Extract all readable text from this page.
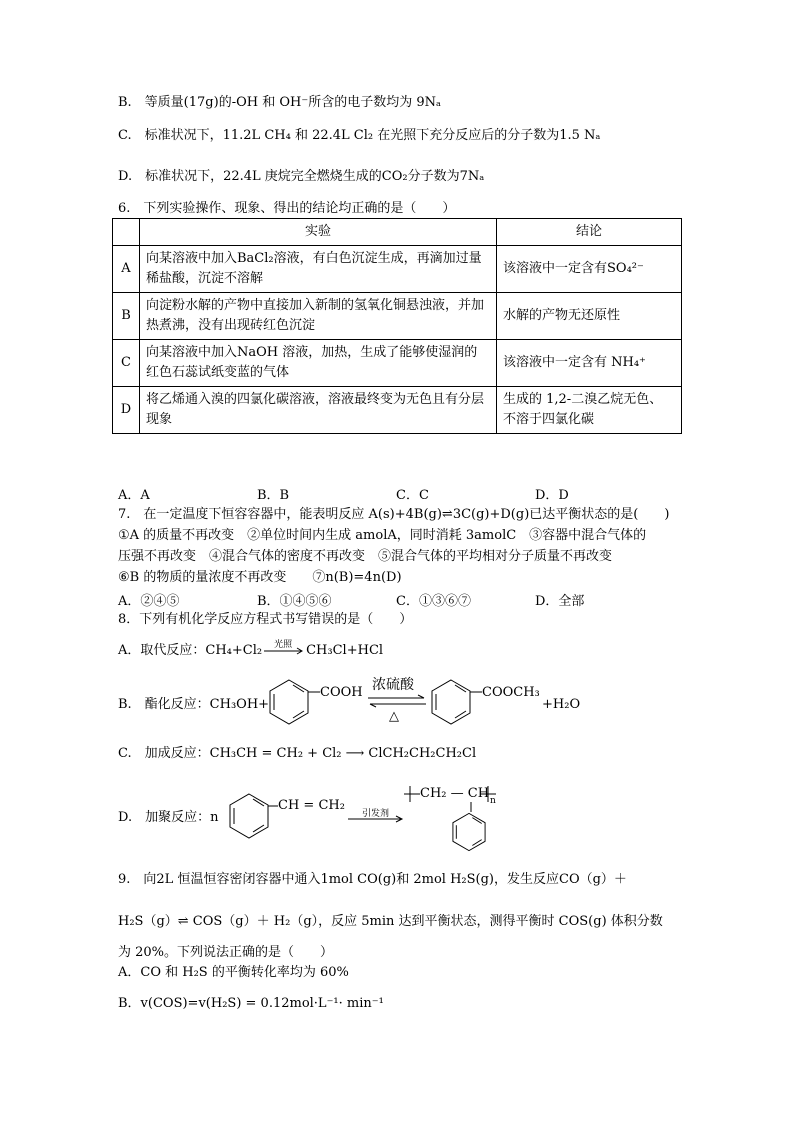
B.　等质量(17g)的-OH 和 OH⁻所含的电子数均为 9Nₐ
C.　标准状况下，11.2L CH₄ 和 22.4L Cl₂ 在光照下充分反应后的分子数为1.5 Nₐ
D.　标准状况下，22.4L 庚烷完全燃烧生成的CO₂分子数为7Nₐ
6.　下列实验操作、现象、得出的结论均正确的是（　　）
	实验	结论
A	向某溶液中加入BaCl₂溶液，有白色沉淀生成，再滴加过量稀盐酸，沉淀不溶解	该溶液中一定含有SO₄²⁻
B	向淀粉水解的产物中直接加入新制的氢氧化铜悬浊液，并加热煮沸，没有出现砖红色沉淀	水解的产物无还原性
C	向某溶液中加入NaOH 溶液，加热，生成了能够使湿润的红色石蕊试纸变蓝的气体	该溶液中一定含有 NH₄⁺
D	将乙烯通入溴的四氯化碳溶液，溶液最终变为无色且有分层现象	生成的 1,2-二溴乙烷无色、不溶于四氯化碳
A．A	B．B	C．C	D．D
7.　在一定温度下恒容容器中，能表明反应 A(s)+4B(g)⇌3C(g)+D(g)已达平衡状态的是(　　)
①A 的质量不再改变　②单位时间内生成 amolA，同时消耗 3amolC　③容器中混合气体的
压强不再改变　④混合气体的密度不再改变　⑤混合气体的平均相对分子质量不再改变
⑥B 的物质的量浓度不再改变　　⑦n(B)=4n(D)
A．②④⑤	B．①④⑤⑥	C．①③⑥⑦	D．全部
8．下列有机化学反应方程式书写错误的是（　　）
A．取代反应：CH₄+Cl₂ 光照 CH₃Cl+HCl
B.　酯化反应：CH₃OH+
COOH 浓硫酸
△
COOCH₃
+H₂O
C.　加成反应：CH₃CH = CH₂ + Cl₂ ⟶ ClCH₂CH₂CH₂Cl
D.　加聚反应：n
CH = CH₂
引发剂
CH₂ — CH n
9.　向2L 恒温恒容密闭容器中通入1mol CO(g)和 2mol H₂S(g)，发生反应CO（g）＋
H₂S（g）⇌ COS（g）＋ H₂（g），反应 5min 达到平衡状态，测得平衡时 COS(g) 体积分数
为 20%。下列说法正确的是（　　）
A．CO 和 H₂S 的平衡转化率均为 60%
B．v(COS)=v(H₂S) = 0.12mol·L⁻¹· min⁻¹
